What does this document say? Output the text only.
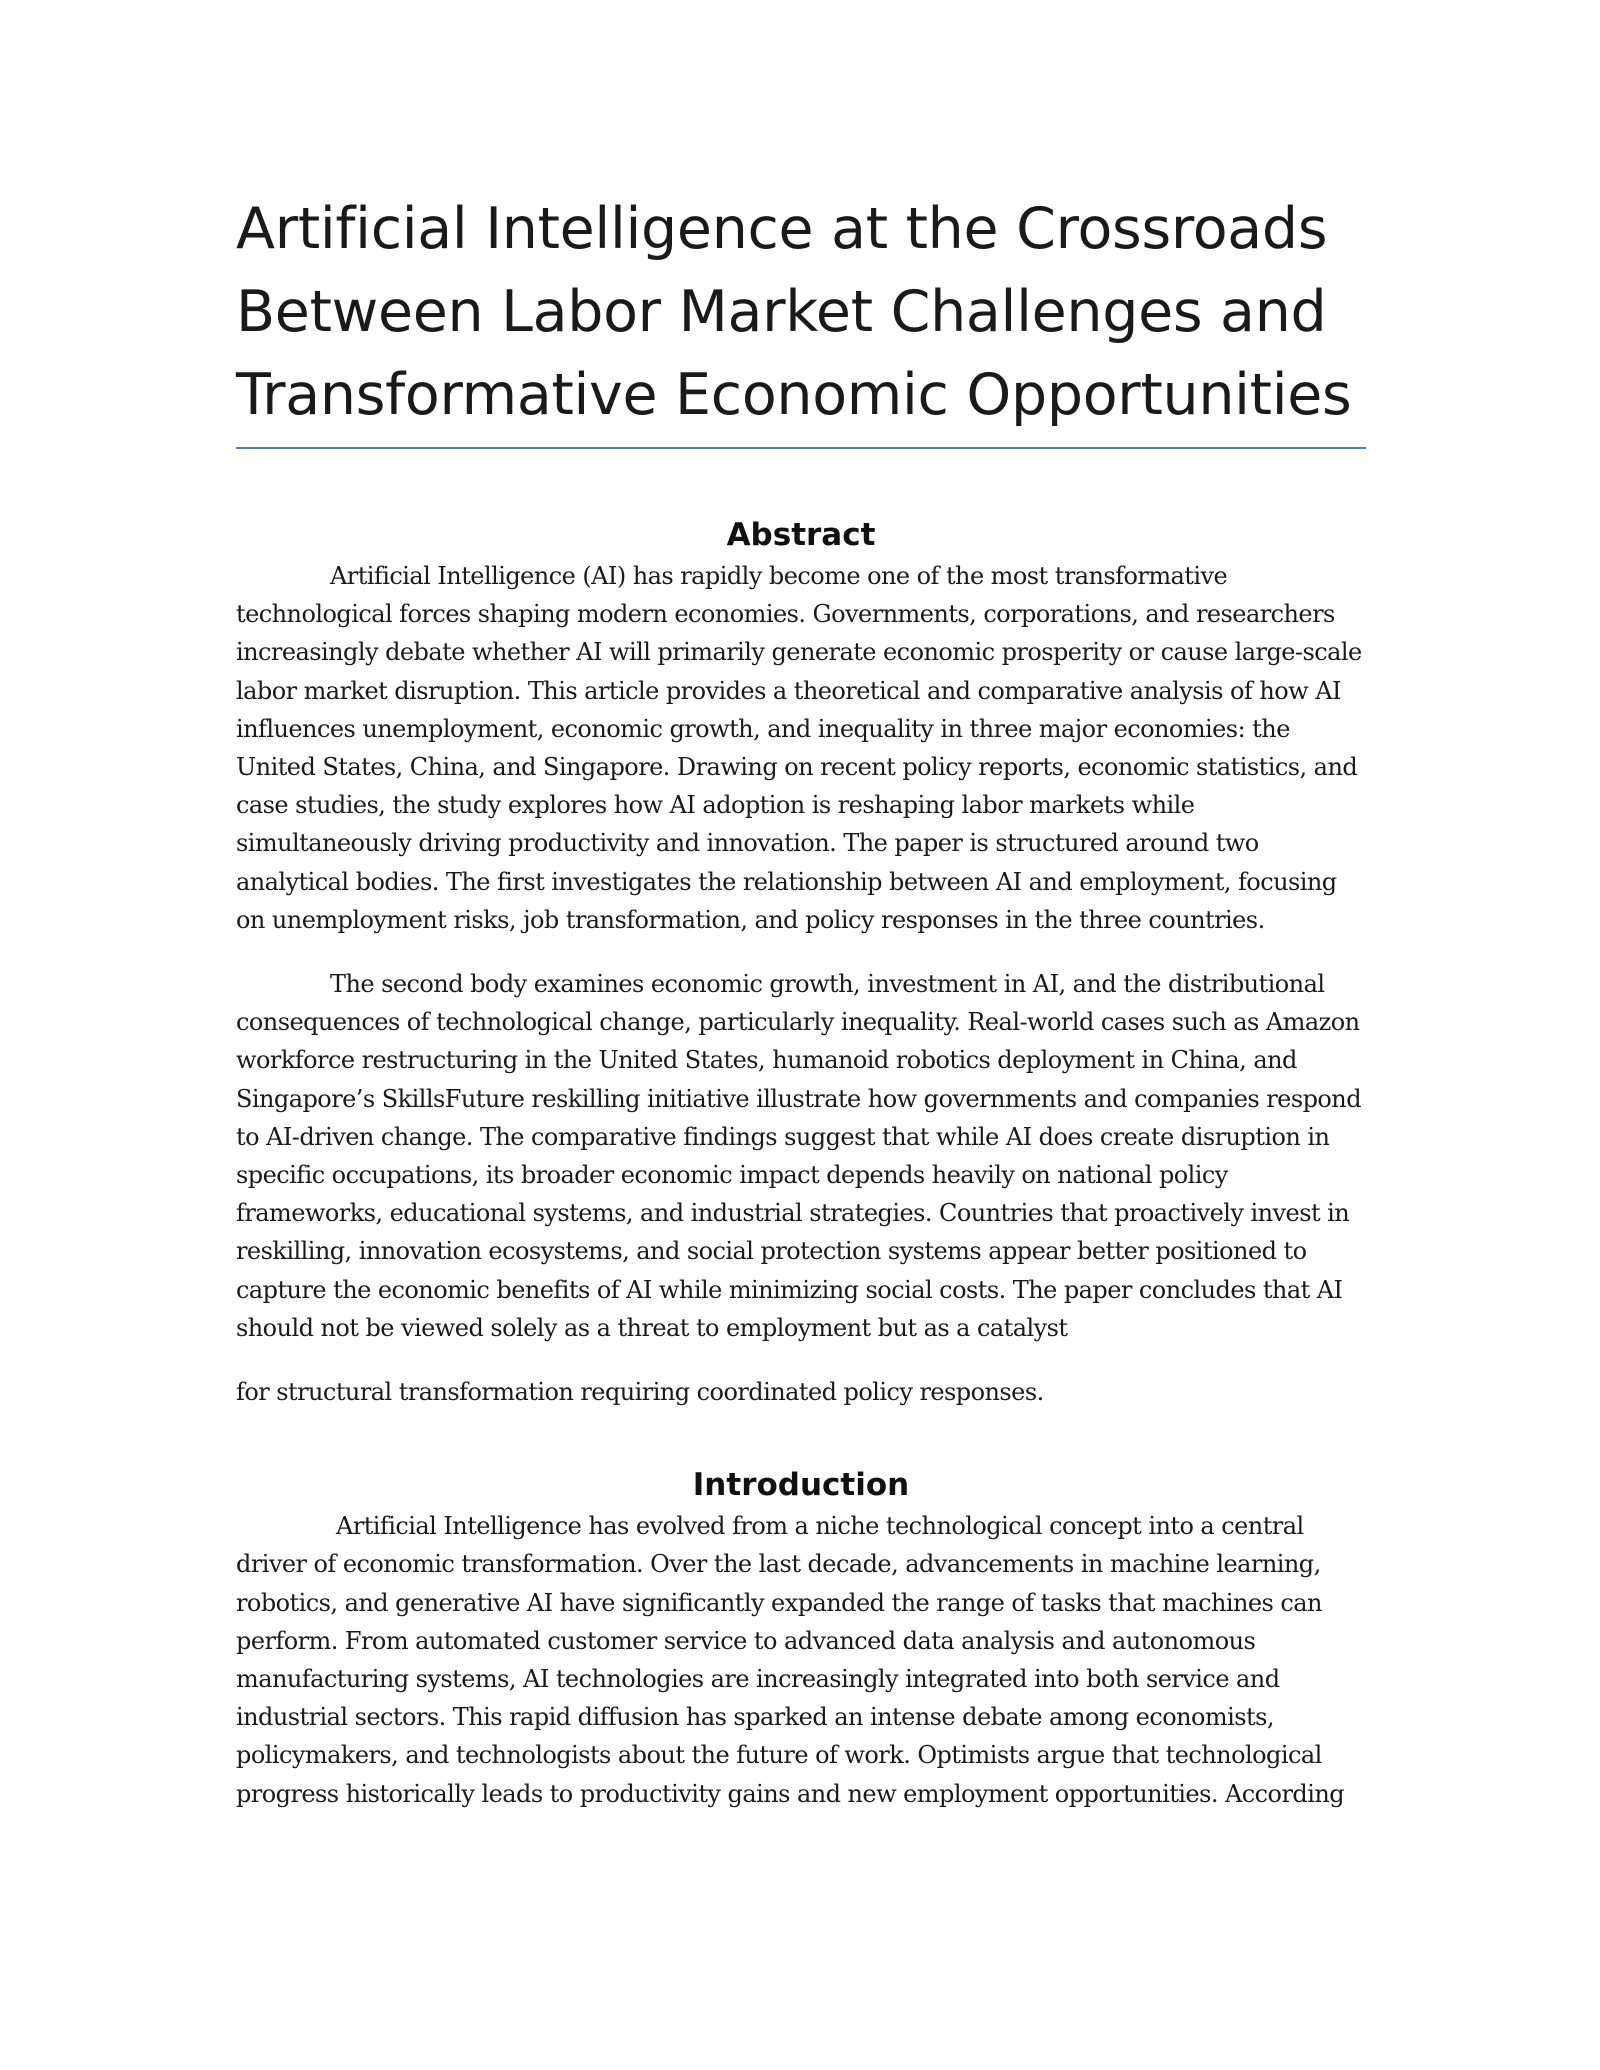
Artificial Intelligence at the Crossroads
Between Labor Market Challenges and
Transformative Economic Opportunities
Abstract

Artificial Intelligence (AI) has rapidly become one of the most transformative
technological forces shaping modern economies. Governments, corporations, and researchers
increasingly debate whether AI will primarily generate economic prosperity or cause large-scale
labor market disruption. This article provides a theoretical and comparative analysis of how AI
influences unemployment, economic growth, and inequality in three major economies: the
United States, China, and Singapore. Drawing on recent policy reports, economic statistics, and
case studies, the study explores how AI adoption is reshaping labor markets while
simultaneously driving productivity and innovation. The paper is structured around two
analytical bodies. The first investigates the relationship between AI and employment, focusing
on unemployment risks, job transformation, and policy responses in the three countries.

The second body examines economic growth, investment in AI, and the distributional
consequences of technological change, particularly inequality. Real-world cases such as Amazon
workforce restructuring in the United States, humanoid robotics deployment in China, and
Singapore’s SkillsFuture reskilling initiative illustrate how governments and companies respond
to AI-driven change. The comparative findings suggest that while AI does create disruption in
specific occupations, its broader economic impact depends heavily on national policy
frameworks, educational systems, and industrial strategies. Countries that proactively invest in
reskilling, innovation ecosystems, and social protection systems appear better positioned to
capture the economic benefits of AI while minimizing social costs. The paper concludes that AI
should not be viewed solely as a threat to employment but as a catalyst

for structural transformation requiring coordinated policy responses.

Introduction

Artificial Intelligence has evolved from a niche technological concept into a central
driver of economic transformation. Over the last decade, advancements in machine learning,
robotics, and generative AI have significantly expanded the range of tasks that machines can
perform. From automated customer service to advanced data analysis and autonomous
manufacturing systems, AI technologies are increasingly integrated into both service and
industrial sectors. This rapid diffusion has sparked an intense debate among economists,
policymakers, and technologists about the future of work. Optimists argue that technological
progress historically leads to productivity gains and new employment opportunities. According
